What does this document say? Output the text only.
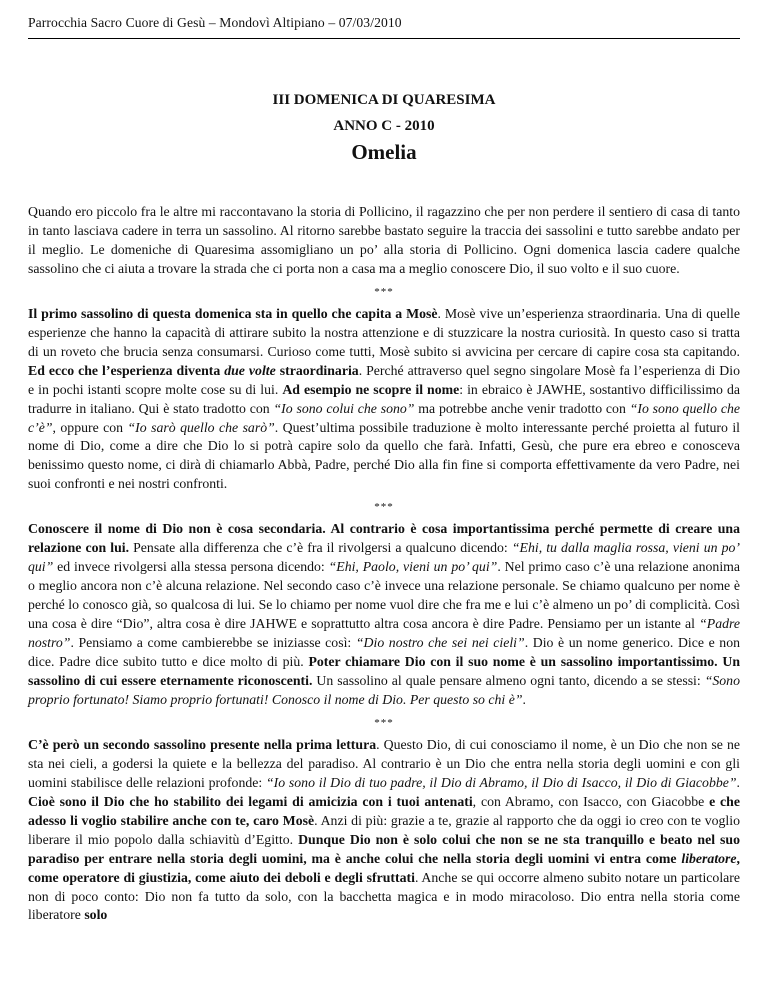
Parrocchia Sacro Cuore di Gesù – Mondovì Altipiano – 07/03/2010
III DOMENICA DI QUARESIMA
ANNO C - 2010
Omelia

Quando ero piccolo fra le altre mi raccontavano la storia di Pollicino, il ragazzino che per non perdere il sentiero di casa di tanto in tanto lasciava cadere in terra un sassolino. Al ritorno sarebbe bastato seguire la traccia dei sassolini e tutto sarebbe andato per il meglio. Le domeniche di Quaresima assomigliano un po’ alla storia di Pollicino. Ogni domenica lascia cadere qualche sassolino che ci aiuta a trovare la strada che ci porta non a casa ma a meglio conoscere Dio, il suo volto e il suo cuore.

***

Il primo sassolino di questa domenica sta in quello che capita a Mosè. Mosè vive un’esperienza straordinaria. Una di quelle esperienze che hanno la capacità di attirare subito la nostra attenzione e di stuzzicare la nostra curiosità. In questo caso si tratta di un roveto che brucia senza consumarsi. Curioso come tutti, Mosè subito si avvicina per cercare di capire cosa sta capitando. Ed ecco che l’esperienza diventa due volte straordinaria. Perché attraverso quel segno singolare Mosè fa l’esperienza di Dio e in pochi istanti scopre molte cose su di lui. Ad esempio ne scopre il nome: in ebraico è JAWHE, sostantivo difficilissimo da tradurre in italiano. Qui è stato tradotto con “Io sono colui che sono” ma potrebbe anche venir tradotto con “Io sono quello che c’è”, oppure con “Io sarò quello che sarò”. Quest’ultima possibile traduzione è molto interessante perché proietta al futuro il nome di Dio, come a dire che Dio lo si potrà capire solo da quello che farà. Infatti, Gesù, che pure era ebreo e conosceva benissimo questo nome, ci dirà di chiamarlo Abbà, Padre, perché Dio alla fin fine si comporta effettivamente da vero Padre, nei suoi confronti e nei nostri confronti.

***

Conoscere il nome di Dio non è cosa secondaria. Al contrario è cosa importantissima perché permette di creare una relazione con lui. Pensate alla differenza che c’è fra il rivolgersi a qualcuno dicendo: “Ehi, tu dalla maglia rossa, vieni un po’ qui” ed invece rivolgersi alla stessa persona dicendo: “Ehi, Paolo, vieni un po’ qui”. Nel primo caso c’è una relazione anonima o meglio ancora non c’è alcuna relazione. Nel secondo caso c’è invece una relazione personale. Se chiamo qualcuno per nome è perché lo conosco già, so qualcosa di lui. Se lo chiamo per nome vuol dire che fra me e lui c’è almeno un po’ di complicità. Così una cosa è dire “Dio”, altra cosa è dire JAHWE e soprattutto altra cosa ancora è dire Padre. Pensiamo per un istante al “Padre nostro”. Pensiamo a come cambierebbe se iniziasse così: “Dio nostro che sei nei cieli”. Dio è un nome generico. Dice e non dice. Padre dice subito tutto e dice molto di più. Poter chiamare Dio con il suo nome è un sassolino importantissimo. Un sassolino di cui essere eternamente riconoscenti. Un sassolino al quale pensare almeno ogni tanto, dicendo a se stessi: “Sono proprio fortunato! Siamo proprio fortunati! Conosco il nome di Dio. Per questo so chi è”.

***

C’è però un secondo sassolino presente nella prima lettura. Questo Dio, di cui conosciamo il nome, è un Dio che non se ne sta nei cieli, a godersi la quiete e la bellezza del paradiso. Al contrario è un Dio che entra nella storia degli uomini e con gli uomini stabilisce delle relazioni profonde: “Io sono il Dio di tuo padre, il Dio di Abramo, il Dio di Isacco, il Dio di Giacobbe”. Cioè sono il Dio che ho stabilito dei legami di amicizia con i tuoi antenati, con Abramo, con Isacco, con Giacobbe e che adesso li voglio stabilire anche con te, caro Mosè. Anzi di più: grazie a te, grazie al rapporto che da oggi io creo con te voglio liberare il mio popolo dalla schiavitù d’Egitto. Dunque Dio non è solo colui che non se ne sta tranquillo e beato nel suo paradiso per entrare nella storia degli uomini, ma è anche colui che nella storia degli uomini vi entra come liberatore, come operatore di giustizia, come aiuto dei deboli e degli sfruttati. Anche se qui occorre almeno subito notare un particolare non di poco conto: Dio non fa tutto da solo, con la bacchetta magica e in modo miracoloso. Dio entra nella storia come liberatore solo
